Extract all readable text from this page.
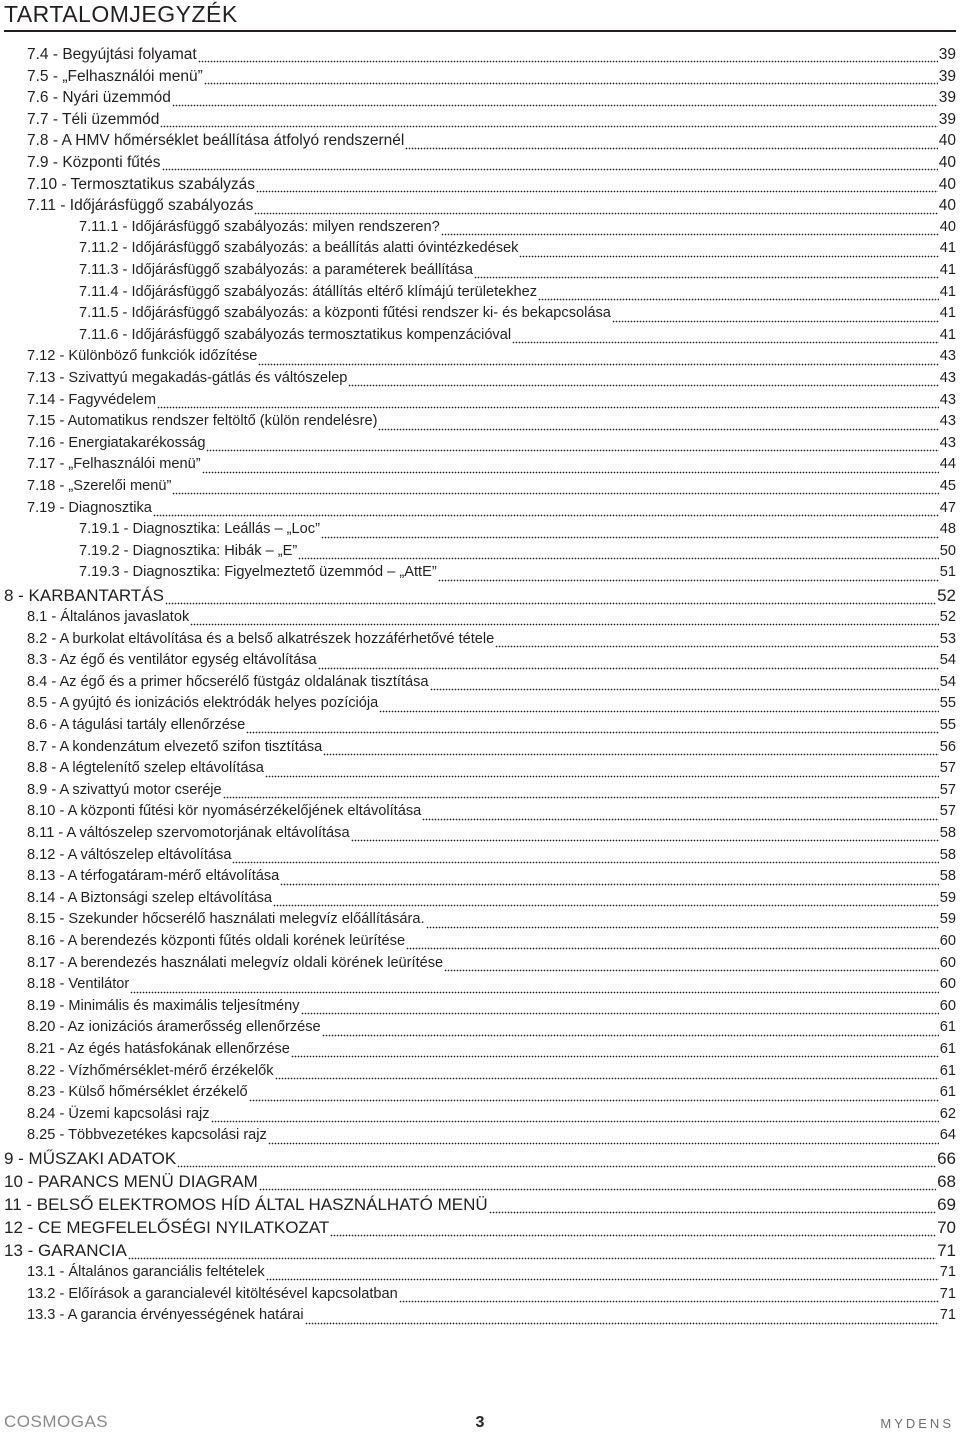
TARTALOMJEGYZÉK
7.4 - Begyújtási folyamat	39
7.5 - „Felhasználói menü”	39
7.6 - Nyári üzemmód	39
7.7 - Téli üzemmód	39
7.8 - A HMV hőmérséklet beállítása átfolyó rendszernél	40
7.9 - Központi fűtés	40
7.10 - Termosztatikus szabályzás	40
7.11 - Időjárásfüggő szabályozás	40
7.11.1 - Időjárásfüggő szabályozás: milyen rendszeren?	40
7.11.2 - Időjárásfüggő szabályozás: a beállítás alatti óvintézkedések	41
7.11.3 - Időjárásfüggő szabályozás: a paraméterek beállítása	41
7.11.4 - Időjárásfüggő szabályozás: átállítás eltérő klímájú területekhez	41
7.11.5 - Időjárásfüggő szabályozás: a központi fűtési rendszer ki- és bekapcsolása	41
7.11.6 - Időjárásfüggő szabályozás termosztatikus kompenzációval	41
7.12 - Különböző funkciók időzítése	43
7.13 - Szivattyú megakadás-gátlás és váltószelep	43
7.14 - Fagyvédelem	43
7.15 - Automatikus rendszer feltöltő (külön rendelésre)	43
7.16 - Energiatakarékosság	43
7.17 - „Felhasználói menü”	44
7.18 - „Szerelői menü”	45
7.19 - Diagnosztika	47
7.19.1 - Diagnosztika: Leállás – „Loc”	48
7.19.2 - Diagnosztika: Hibák – „E”	50
7.19.3 - Diagnosztika: Figyelmeztető üzemmód – „AttE”	51
8 - KARBANTARTÁS	52
8.1 - Általános javaslatok	52
8.2 - A burkolat eltávolítása és a belső alkatrészek hozzáférhetővé tétele	53
8.3 - Az égő és ventilátor egység eltávolítása	54
8.4 - Az égő és a primer hőcserélő füstgáz oldalának tisztítása	54
8.5 - A gyújtó és ionizációs elektródák helyes pozíciója	55
8.6 - A tágulási tartály ellenőrzése	55
8.7 - A kondenzátum elvezető szifon tisztítása	56
8.8 - A légtelenítő szelep eltávolítása	57
8.9 - A szivattyú motor cseréje	57
8.10 - A központi fűtési kör nyomásérzékelőjének eltávolítása	57
8.11 - A váltószelep szervomotorjának eltávolítása	58
8.12 - A váltószelep eltávolítása	58
8.13 - A térfogatáram-mérő eltávolítása	58
8.14 - A Biztonsági szelep eltávolítása	59
8.15 - Szekunder hőcserélő használati melegvíz előállítására.	59
8.16 - A berendezés központi fűtés oldali korének leürítése	60
8.17 - A berendezés használati melegvíz oldali körének leürítése	60
8.18 - Ventilátor	60
8.19 - Minimális és maximális teljesítmény	60
8.20 - Az ionizációs áramerősség ellenőrzése	61
8.21 - Az égés hatásfokának ellenőrzése	61
8.22 - Vízhőmérséklet-mérő érzékelők	61
8.23 - Külső hőmérséklet érzékelő	61
8.24 - Üzemi kapcsolási rajz	62
8.25 - Többvezetékes kapcsolási rajz	64
9 - MŰSZAKI ADATOK	66
10 - PARANCS MENÜ DIAGRAM	68
11 - BELSŐ ELEKTROMOS HÍD ÁLTAL HASZNÁLHATÓ MENÜ	69
12 - CE MEGFELELŐSÉGI NYILATKOZAT	70
13 - GARANCIA	71
13.1 - Általános garanciális feltételek	71
13.2 - Előírások a garancialevél kitöltésével kapcsolatban	71
13.3 - A garancia érvényességének határai	71
COSMOGAS	3	MYDENS
